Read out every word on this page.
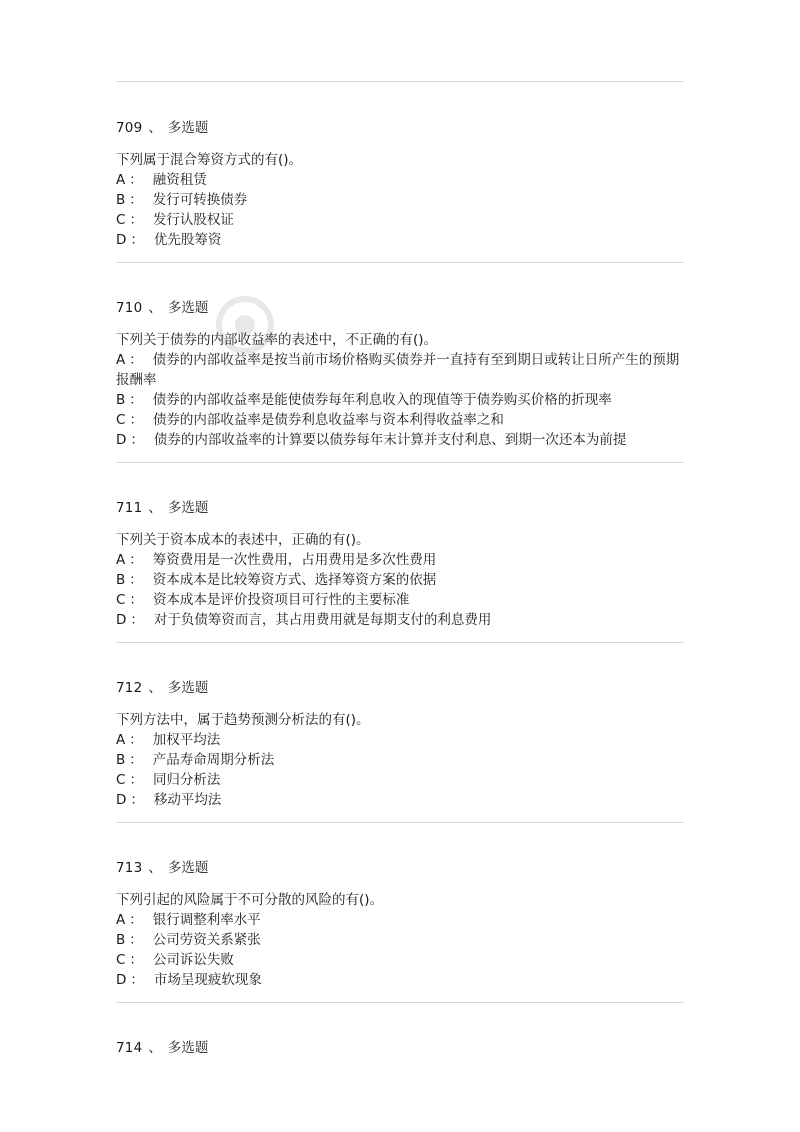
709 、 多选题

下列属于混合筹资方式的有()。

A ： 融资租赁
B ： 发行可转换债券
C ： 发行认股权证
D ： 优先股筹资

710 、 多选题

下列关于债券的内部收益率的表述中，不正确的有()。

A ： 债券的内部收益率是按当前市场价格购买债券并一直持有至到期日或转让日所产生的预期报酬率
B ： 债券的内部收益率是能使债券每年利息收入的现值等于债券购买价格的折现率
C ： 债券的内部收益率是债券利息收益率与资本利得收益率之和
D ： 债券的内部收益率的计算要以债券每年末计算并支付利息、到期一次还本为前提

711 、 多选题

下列关于资本成本的表述中，正确的有()。

A ： 筹资费用是一次性费用，占用费用是多次性费用
B ： 资本成本是比较筹资方式、选择筹资方案的依据
C ： 资本成本是评价投资项目可行性的主要标准
D ： 对于负债筹资而言，其占用费用就是每期支付的利息费用

712 、 多选题

下列方法中，属于趋势预测分析法的有()。

A ： 加权平均法
B ： 产品寿命周期分析法
C ： 同归分析法
D ： 移动平均法

713 、 多选题

下列引起的风险属于不可分散的风险的有()。

A ： 银行调整利率水平
B ： 公司劳资关系紧张
C ： 公司诉讼失败
D ： 市场呈现疲软现象

714 、 多选题
